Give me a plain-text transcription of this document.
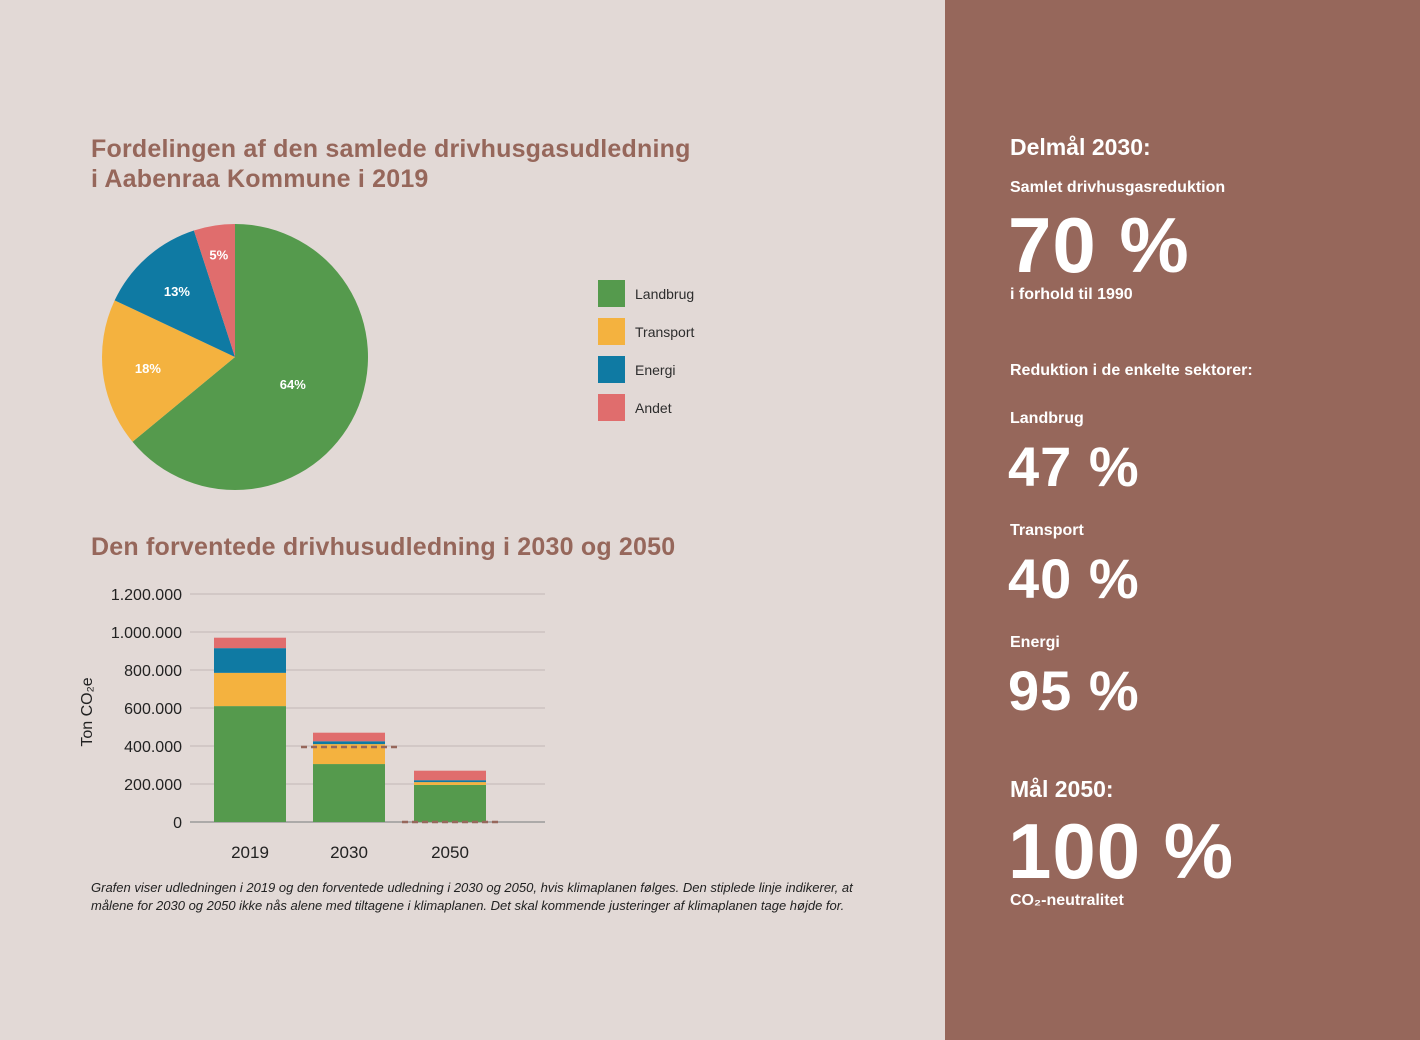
Fordelingen af den samlede drivhusgasudledning
i Aabenraa Kommune i 2019
64%
18%
13%
5%
Landbrug
Transport
Energi
Andet
Den forventede drivhusudledning i 2030 og 2050
0
200.000
400.000
600.000
800.000
1.000.000
1.200.000
Ton CO₂e
2019	2030	2050
Grafen viser udledningen i 2019 og den forventede udledning i 2030 og 2050, hvis klimaplanen følges. Den stiplede linje indikerer, at målene for 2030 og 2050 ikke nås alene med tiltagene i klimaplanen. Det skal kommende justeringer af klimaplanen tage højde for.
Delmål 2030:
Samlet drivhusgasreduktion
70 %
i forhold til 1990
Reduktion i de enkelte sektorer:
Landbrug
47 %
Transport
40 %
Energi
95 %
Mål 2050:
100 %
CO₂-neutralitet
